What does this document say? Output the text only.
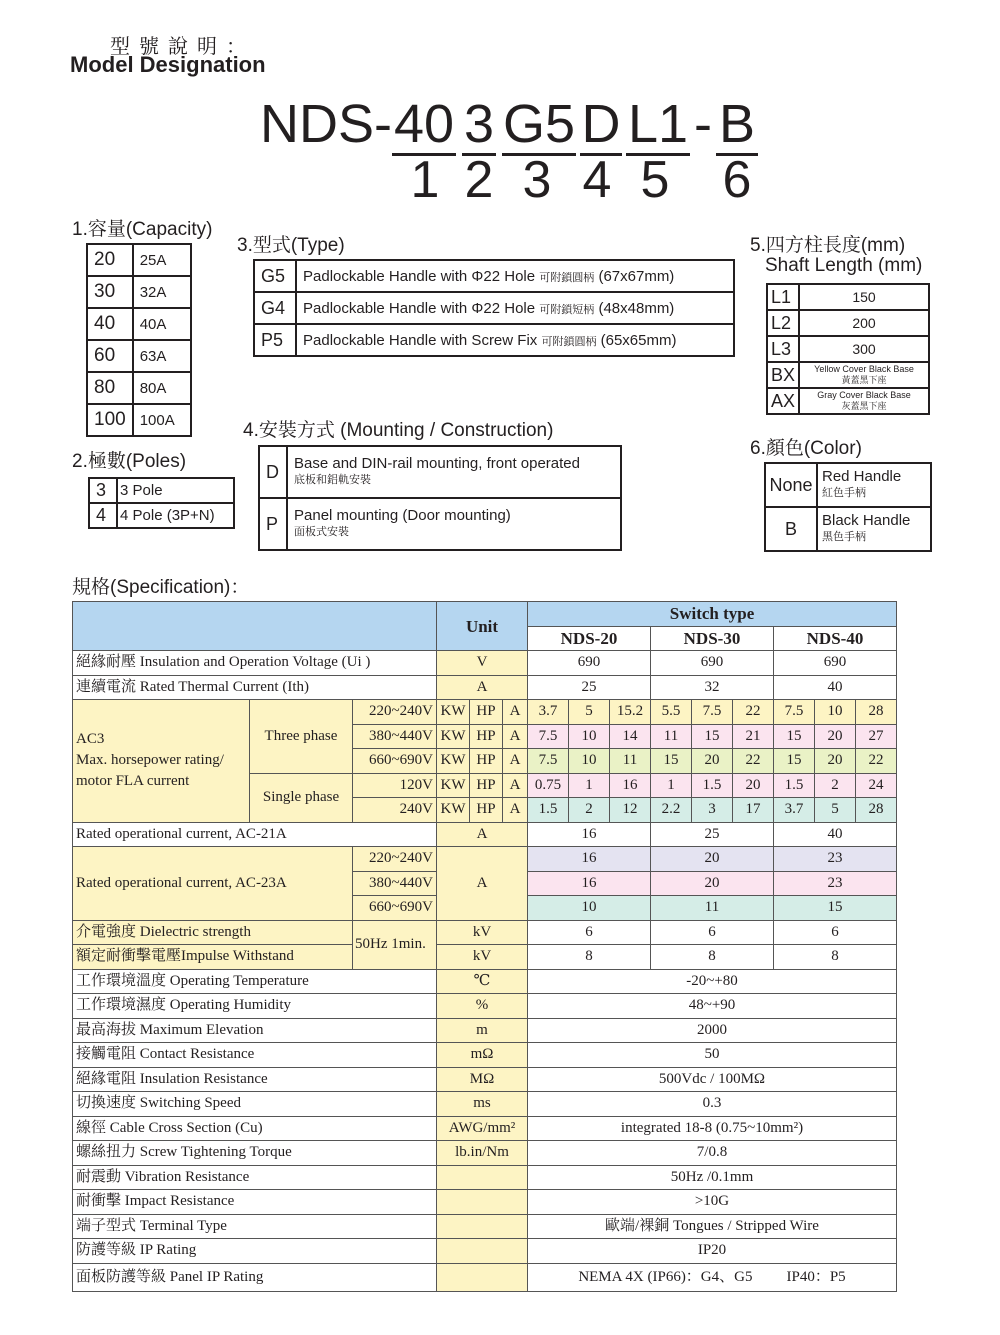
型號說明：
Model Designation
NDS- 40 3 G5 D L1 - B
1 2 3 4 5	6
1.容量(Capacity)
20	25A
30	32A
40	40A
60	63A
80	80A
100	100A
2.極數(Poles)
3	3 Pole
4	4 Pole (3P+N)
3.型式(Type)
G5	Padlockable Handle with Φ22 Hole 可附鎖圓柄 (67x67mm)
G4	Padlockable Handle with Φ22 Hole 可附鎖短柄 (48x48mm)
P5	Padlockable Handle with Screw Fix 可附鎖圓柄 (65x65mm)
4.安裝方式 (Mounting / Construction)
D	Base and DIN-rail mounting, front operated
底板和鋁軌安裝

P	Panel mounting (Door mounting)
面板式安裝
5.四方柱長度(mm)
Shaft Length (mm)
L1	150
L2	200
L3	300
BX	Yellow Cover Black Base
黃蓋黑下座

AX	Gray Cover Black Base
灰蓋黑下座
6.顏色(Color)
None	Red Handle
紅色手柄

B	Black Handle
黑色手柄
規格(Specification)：
			Unit			Switch type								
						NDS-20			NDS-30			NDS-40		
絕緣耐壓 Insulation and Operation Voltage (Ui )			V			690			690			690		
連續電流 Rated Thermal Current (Ith)			A			25			32			40		

AC3
Max. horsepower rating/
motor FLA current	Three phase	220~240V	KW	HP	A	3.7	5	15.2	5.5	7.5	22	7.5	10	28
		380~440V	KW	HP	A	7.5	10	14	11	15	21	15	20	27
		660~690V	KW	HP	A	7.5	10	11	15	20	22	15	20	22
	Single phase	120V	KW	HP	A	0.75	1	16	1	1.5	20	1.5	2	24
		240V	KW	HP	A	1.5	2	12	2.2	3	17	3.7	5	28
Rated operational current, AC-21A			A			16			25			40		
Rated operational current, AC-23A		220~240V	A			16			20			23		
		380~440V				16			20			23		
		660~690V				10			11			15		
介電強度 Dielectric strength		50Hz 1min.	kV			6			6			6		
額定耐衝擊電壓Impulse Withstand			kV			8			8			8		
工作環境溫度 Operating Temperature			℃			-20~+80								
工作環境濕度 Operating Humidity			%			48~+90								
最高海拔 Maximum Elevation			m			2000								
接觸電阻 Contact Resistance			mΩ			50								
絕緣電阻 Insulation Resistance			MΩ			500Vdc / 100MΩ								
切換速度 Switching Speed			ms			0.3								
線徑 Cable Cross Section (Cu)			AWG/mm²			integrated 18-8 (0.75~10mm²)								
螺絲扭力 Screw Tightening Torque			lb.in/Nm			7/0.8								
耐震動 Vibration Resistance						50Hz /0.1mm								
耐衝擊 Impact Resistance						>10G								
端子型式 Terminal Type						歐端/裸銅 Tongues / Stripped Wire								
防護等級 IP Rating						IP20								
面板防護等級 Panel IP Rating						NEMA 4X (IP66)：G4、G5 IP40：P5								
